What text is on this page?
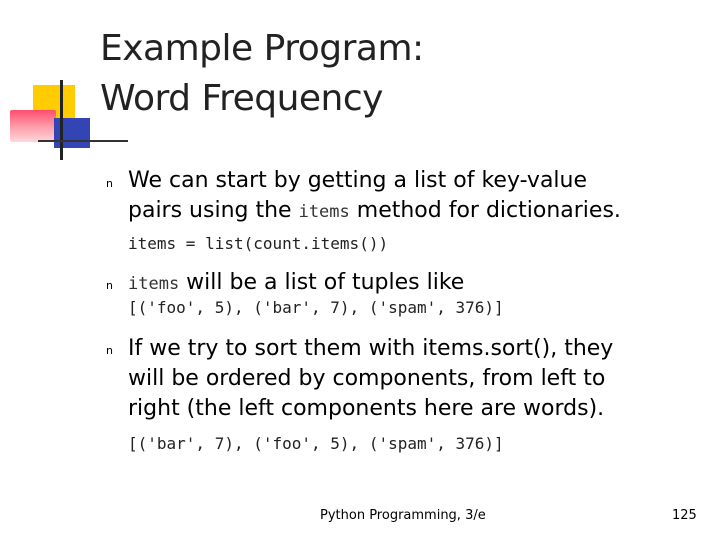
Example Program:
Word Frequency
n We can start by getting a list of key-value
pairs using the items method for dictionaries.
items = list(count.items())
n items will be a list of tuples like
[('foo', 5), ('bar', 7), ('spam', 376)]
n If we try to sort them with items.sort(), they
will be ordered by components, from left to
right (the left components here are words).
[('bar', 7), ('foo', 5), ('spam', 376)]
Python Programming, 3/e	125
